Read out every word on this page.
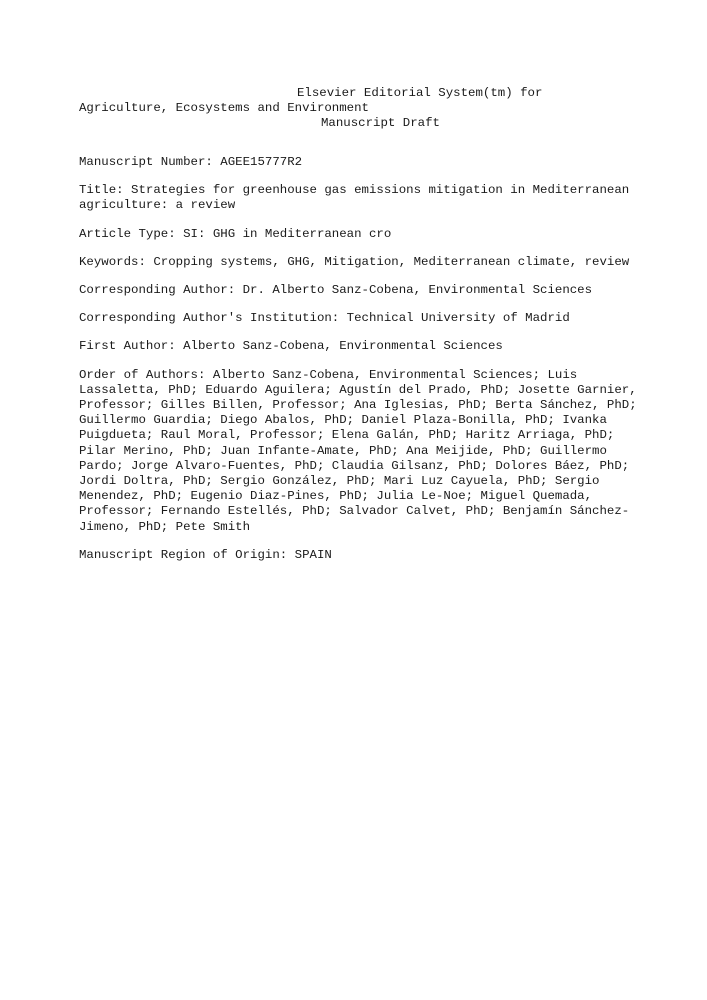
Elsevier Editorial System(tm) for
Agriculture, Ecosystems and Environment
Manuscript Draft
Manuscript Number: AGEE15777R2
Title: Strategies for greenhouse gas emissions mitigation in Mediterranean agriculture: a review
Article Type: SI: GHG in Mediterranean cro
Keywords: Cropping systems, GHG, Mitigation, Mediterranean climate, review
Corresponding Author: Dr. Alberto Sanz-Cobena, Environmental Sciences
Corresponding Author's Institution: Technical University of Madrid
First Author: Alberto Sanz-Cobena, Environmental Sciences
Order of Authors: Alberto Sanz-Cobena, Environmental Sciences; Luis Lassaletta, PhD; Eduardo Aguilera; Agustín del Prado, PhD; Josette Garnier, Professor; Gilles Billen, Professor; Ana Iglesias, PhD; Berta Sánchez, PhD; Guillermo Guardia; Diego Abalos, PhD; Daniel Plaza-Bonilla, PhD; Ivanka Puigdueta; Raul Moral, Professor; Elena Galán, PhD; Haritz Arriaga, PhD; Pilar Merino, PhD; Juan Infante-Amate, PhD; Ana Meijide, PhD; Guillermo Pardo; Jorge Alvaro-Fuentes, PhD; Claudia Gilsanz, PhD; Dolores Báez, PhD; Jordi Doltra, PhD; Sergio González, PhD; Mari Luz Cayuela, PhD; Sergio Menendez, PhD; Eugenio Diaz-Pines, PhD; Julia Le-Noe; Miguel Quemada, Professor; Fernando Estellés, PhD; Salvador Calvet, PhD; Benjamín Sánchez-Jimeno, PhD; Pete Smith
Manuscript Region of Origin: SPAIN
